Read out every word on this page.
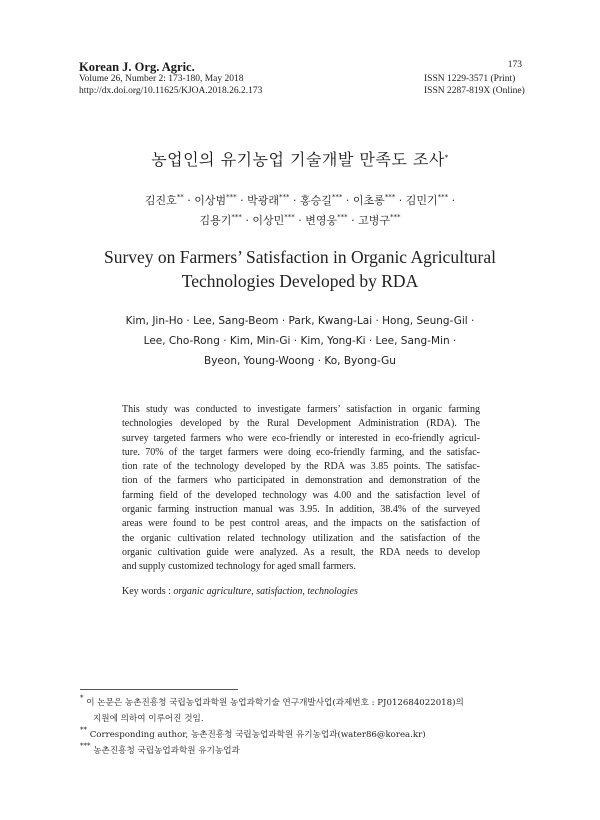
Korean J. Org. Agric.
Volume 26, Number 2: 173-180, May 2018
http://dx.doi.org/10.11625/KJOA.2018.26.2.173
173
ISSN 1229-3571 (Print)
ISSN 2287-819X (Online)
농업인의 유기농업 기술개발 만족도 조사*
김진호** · 이상범*** · 박광래*** · 홍승길*** · 이초롱*** · 김민기*** ·
김용기*** · 이상민*** · 변영웅*** · 고병구***
Survey on Farmers’ Satisfaction in Organic Agricultural
Technologies Developed by RDA
Kim, Jin-Ho · Lee, Sang-Beom · Park, Kwang-Lai · Hong, Seung-Gil ·
Lee, Cho-Rong · Kim, Min-Gi · Kim, Yong-Ki · Lee, Sang-Min ·
Byeon, Young-Woong · Ko, Byong-Gu
This study was conducted to investigate farmers’ satisfaction in organic farming
technologies developed by the Rural Development Administration (RDA). The
survey targeted farmers who were eco-friendly or interested in eco-friendly agricul-
ture. 70% of the target farmers were doing eco-friendly farming, and the satisfac-
tion rate of the technology developed by the RDA was 3.85 points. The satisfac-
tion of the farmers who participated in demonstration and demonstration of the
farming field of the developed technology was 4.00 and the satisfaction level of
organic farming instruction manual was 3.95. In addition, 38.4% of the surveyed
areas were found to be pest control areas, and the impacts on the satisfaction of
the organic cultivation related technology utilization and the satisfaction of the
organic cultivation guide were analyzed. As a result, the RDA needs to develop
and supply customized technology for aged small farmers.
Key words : organic agriculture, satisfaction, technologies
* 이 논문은 농촌진흥청 국립농업과학원 농업과학기술 연구개발사업(과제번호 : PJ012684022018)의
지원에 의하여 이루어진 것임.
** Corresponding author, 농촌진흥청 국립농업과학원 유기농업과(water86@korea.kr)
*** 농촌진흥청 국립농업과학원 유기농업과
